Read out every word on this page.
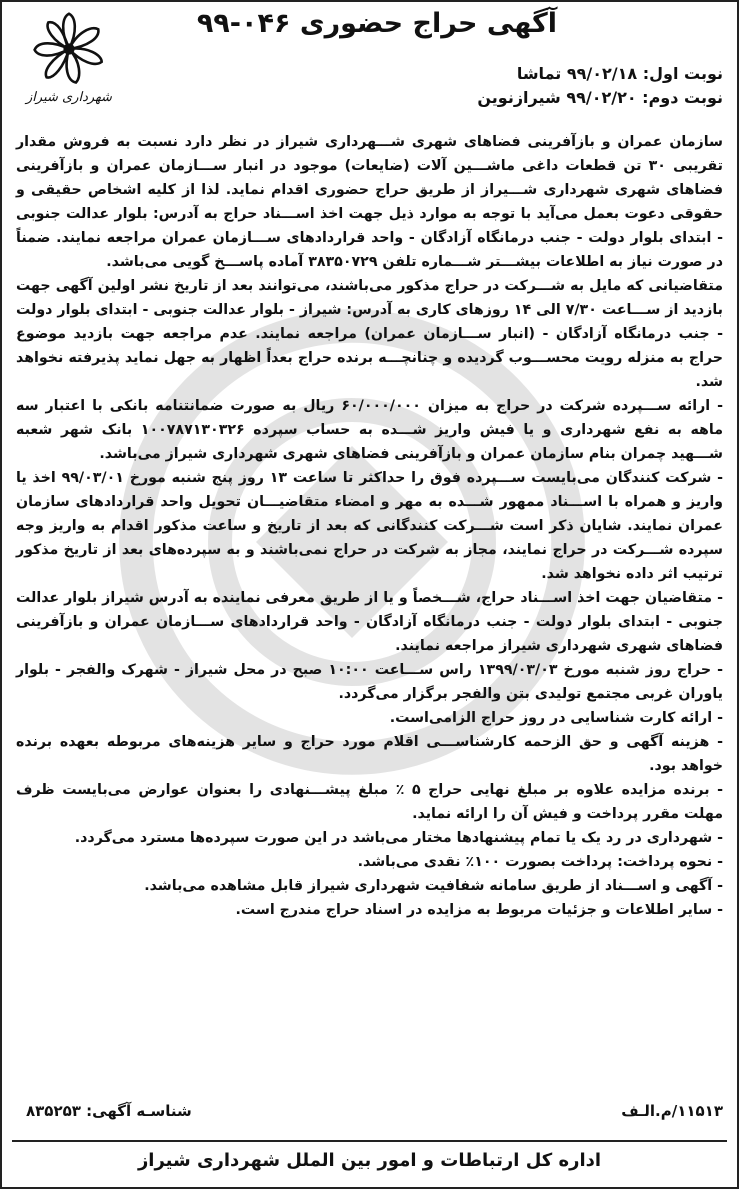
شهرداری شیراز
آگهی حراج حضوری ۰۴۶-۹۹
نوبت اول: ۹۹/۰۲/۱۸ تماشا
نوبت دوم: ۹۹/۰۲/۲۰ شیرازنوین

سازمان عمران و بازآفرینی فضاهای شهری شـــهرداری شیراز در نظر دارد نسبت به فروش مقدار تقریبی ۳۰ تن قطعات داغی ماشـــین آلات (ضایعات) موجود در انبار ســـازمان عمران و بازآفرینی فضاهای شهری شهرداری شـــیراز از طریق حراج حضوری اقدام نماید. لذا از کلیه اشخاص حقیقی و حقوقی دعوت بعمل می‌آید با توجه به موارد ذیل جهت اخذ اســـناد حراج به آدرس: بلوار عدالت جنوبی - ابتدای بلوار دولت - جنب درمانگاه آزادگان - واحد قراردادهای ســـازمان عمران مراجعه نمایند. ضمناً در صورت نیاز به اطلاعات بیشـــتر شـــماره تلفن ۳۸۳۵۰۷۲۹ آماده پاســـخ گویی می‌باشد.

متقاضیانی که مایل به شـــرکت در حراج مذکور می‌باشند، می‌توانند بعد از تاریخ نشر اولین آگهی جهت بازدید از ســـاعت ۷/۳۰ الی ۱۴ روزهای کاری به آدرس: شیراز - بلوار عدالت جنوبی - ابتدای بلوار دولت - جنب درمانگاه آزادگان - (انبار ســـازمان عمران) مراجعه نمایند. عدم مراجعه جهت بازدید موضوع حراج به منزله رویت محســـوب گردیده و چنانچـــه برنده حراج بعداً اظهار به جهل نماید پذیرفته نخواهد شد.

- ارائه ســـپرده شرکت در حراج به میزان ۶۰/۰۰۰/۰۰۰ ریال به صورت ضمانتنامه بانکی با اعتبار سه ماهه به نفع شهرداری و یا فیش واریز شـــده به حساب سپرده ۱۰۰۷۸۷۱۳۰۳۲۶ بانک شهر شعبه شـــهید چمران بنام سازمان عمران و بازآفرینی فضاهای شهری شهرداری شیراز می‌باشد.

- شرکت کنندگان می‌بایست ســـپرده فوق را حداکثر تا ساعت ۱۳ روز پنج شنبه مورخ ۹۹/۰۳/۰۱ اخذ یا واریز و همراه با اســـناد ممهور شـــده به مهر و امضاء متقاضیـــان تحویل واحد قراردادهای سازمان عمران نمایند. شایان ذکر است شـــرکت کنندگانی که بعد از تاریخ و ساعت مذکور اقدام به واریز وجه سپرده شـــرکت در حراج نمایند، مجاز به شرکت در حراج نمی‌باشند و به سپرده‌های بعد از تاریخ مذکور ترتیب اثر داده نخواهد شد.

- متقاضیان جهت اخذ اســـناد حراج، شـــخصاً و یا از طریق معرفی نماینده به آدرس شیراز بلوار عدالت جنوبی - ابتدای بلوار دولت - جنب درمانگاه آزادگان - واحد قراردادهای ســـازمان عمران و بازآفرینی فضاهای شهری شهرداری شیراز مراجعه نمایند.

- حراج روز شنبه مورخ ۱۳۹۹/۰۳/۰۳ راس ســـاعت ۱۰:۰۰ صبح در محل شیراز - شهرک والفجر - بلوار یاوران غربی مجتمع تولیدی بتن والفجر برگزار می‌گردد.

- ارائه کارت شناسایی در روز حراج الزامی‌است.

- هزینه آگهی و حق الزحمه کارشناســـی اقلام مورد حراج و سایر هزینه‌های مربوطه بعهده برنده خواهد بود.

- برنده مزایده علاوه بر مبلغ نهایی حراج ۵ ٪ مبلغ پیشـــنهادی را بعنوان عوارض می‌بایست ظرف مهلت مقرر پرداخت و فیش آن را ارائه نماید.

- شهرداری در رد یک یا تمام پیشنهادها مختار می‌باشد در این صورت سپرده‌ها مسترد می‌گردد.

- نحوه پرداخت: پرداخت بصورت ۱۰۰٪ نقدی می‌باشد.

- آگهی و اســـناد از طریق سامانه شفافیت شهرداری شیراز قابل مشاهده می‌باشد.

- سایر اطلاعات و جزئیات مربوط به مزایده در اسناد حراج مندرج است.

۱۱۵۱۳/م.الـف
شناسـه آگهی: ۸۳۵۲۵۳
اداره کل ارتباطات و امور بین الملل شهرداری شیراز
